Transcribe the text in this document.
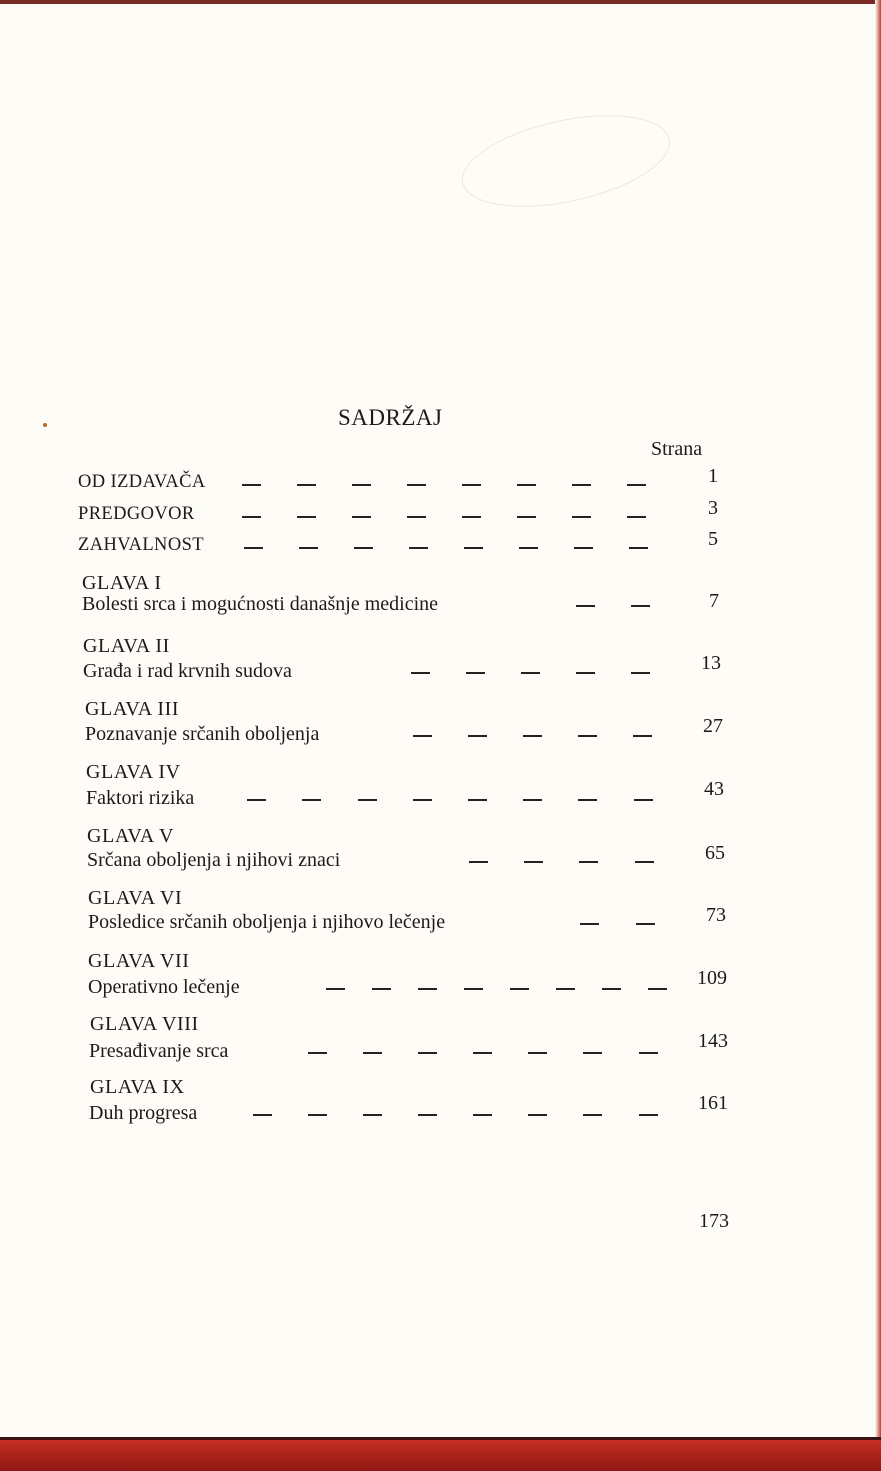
SADRŽAJ
Strana
OD IZDAVAČA	1
PREDGOVOR	3
ZAHVALNOST	5
GLAVA I
Bolesti srca i mogućnosti današnje medicine	7
GLAVA II
Građa i rad krvnih sudova	13
GLAVA III
Poznavanje srčanih oboljenja	27
GLAVA IV
Faktori rizika	43
GLAVA V
Srčana oboljenja i njihovi znaci	65
GLAVA VI
Posledice srčanih oboljenja i njihovo lečenje	73
GLAVA VII
Operativno lečenje	109
GLAVA VIII
Presađivanje srca	143
GLAVA IX
Duh progresa	161
173
